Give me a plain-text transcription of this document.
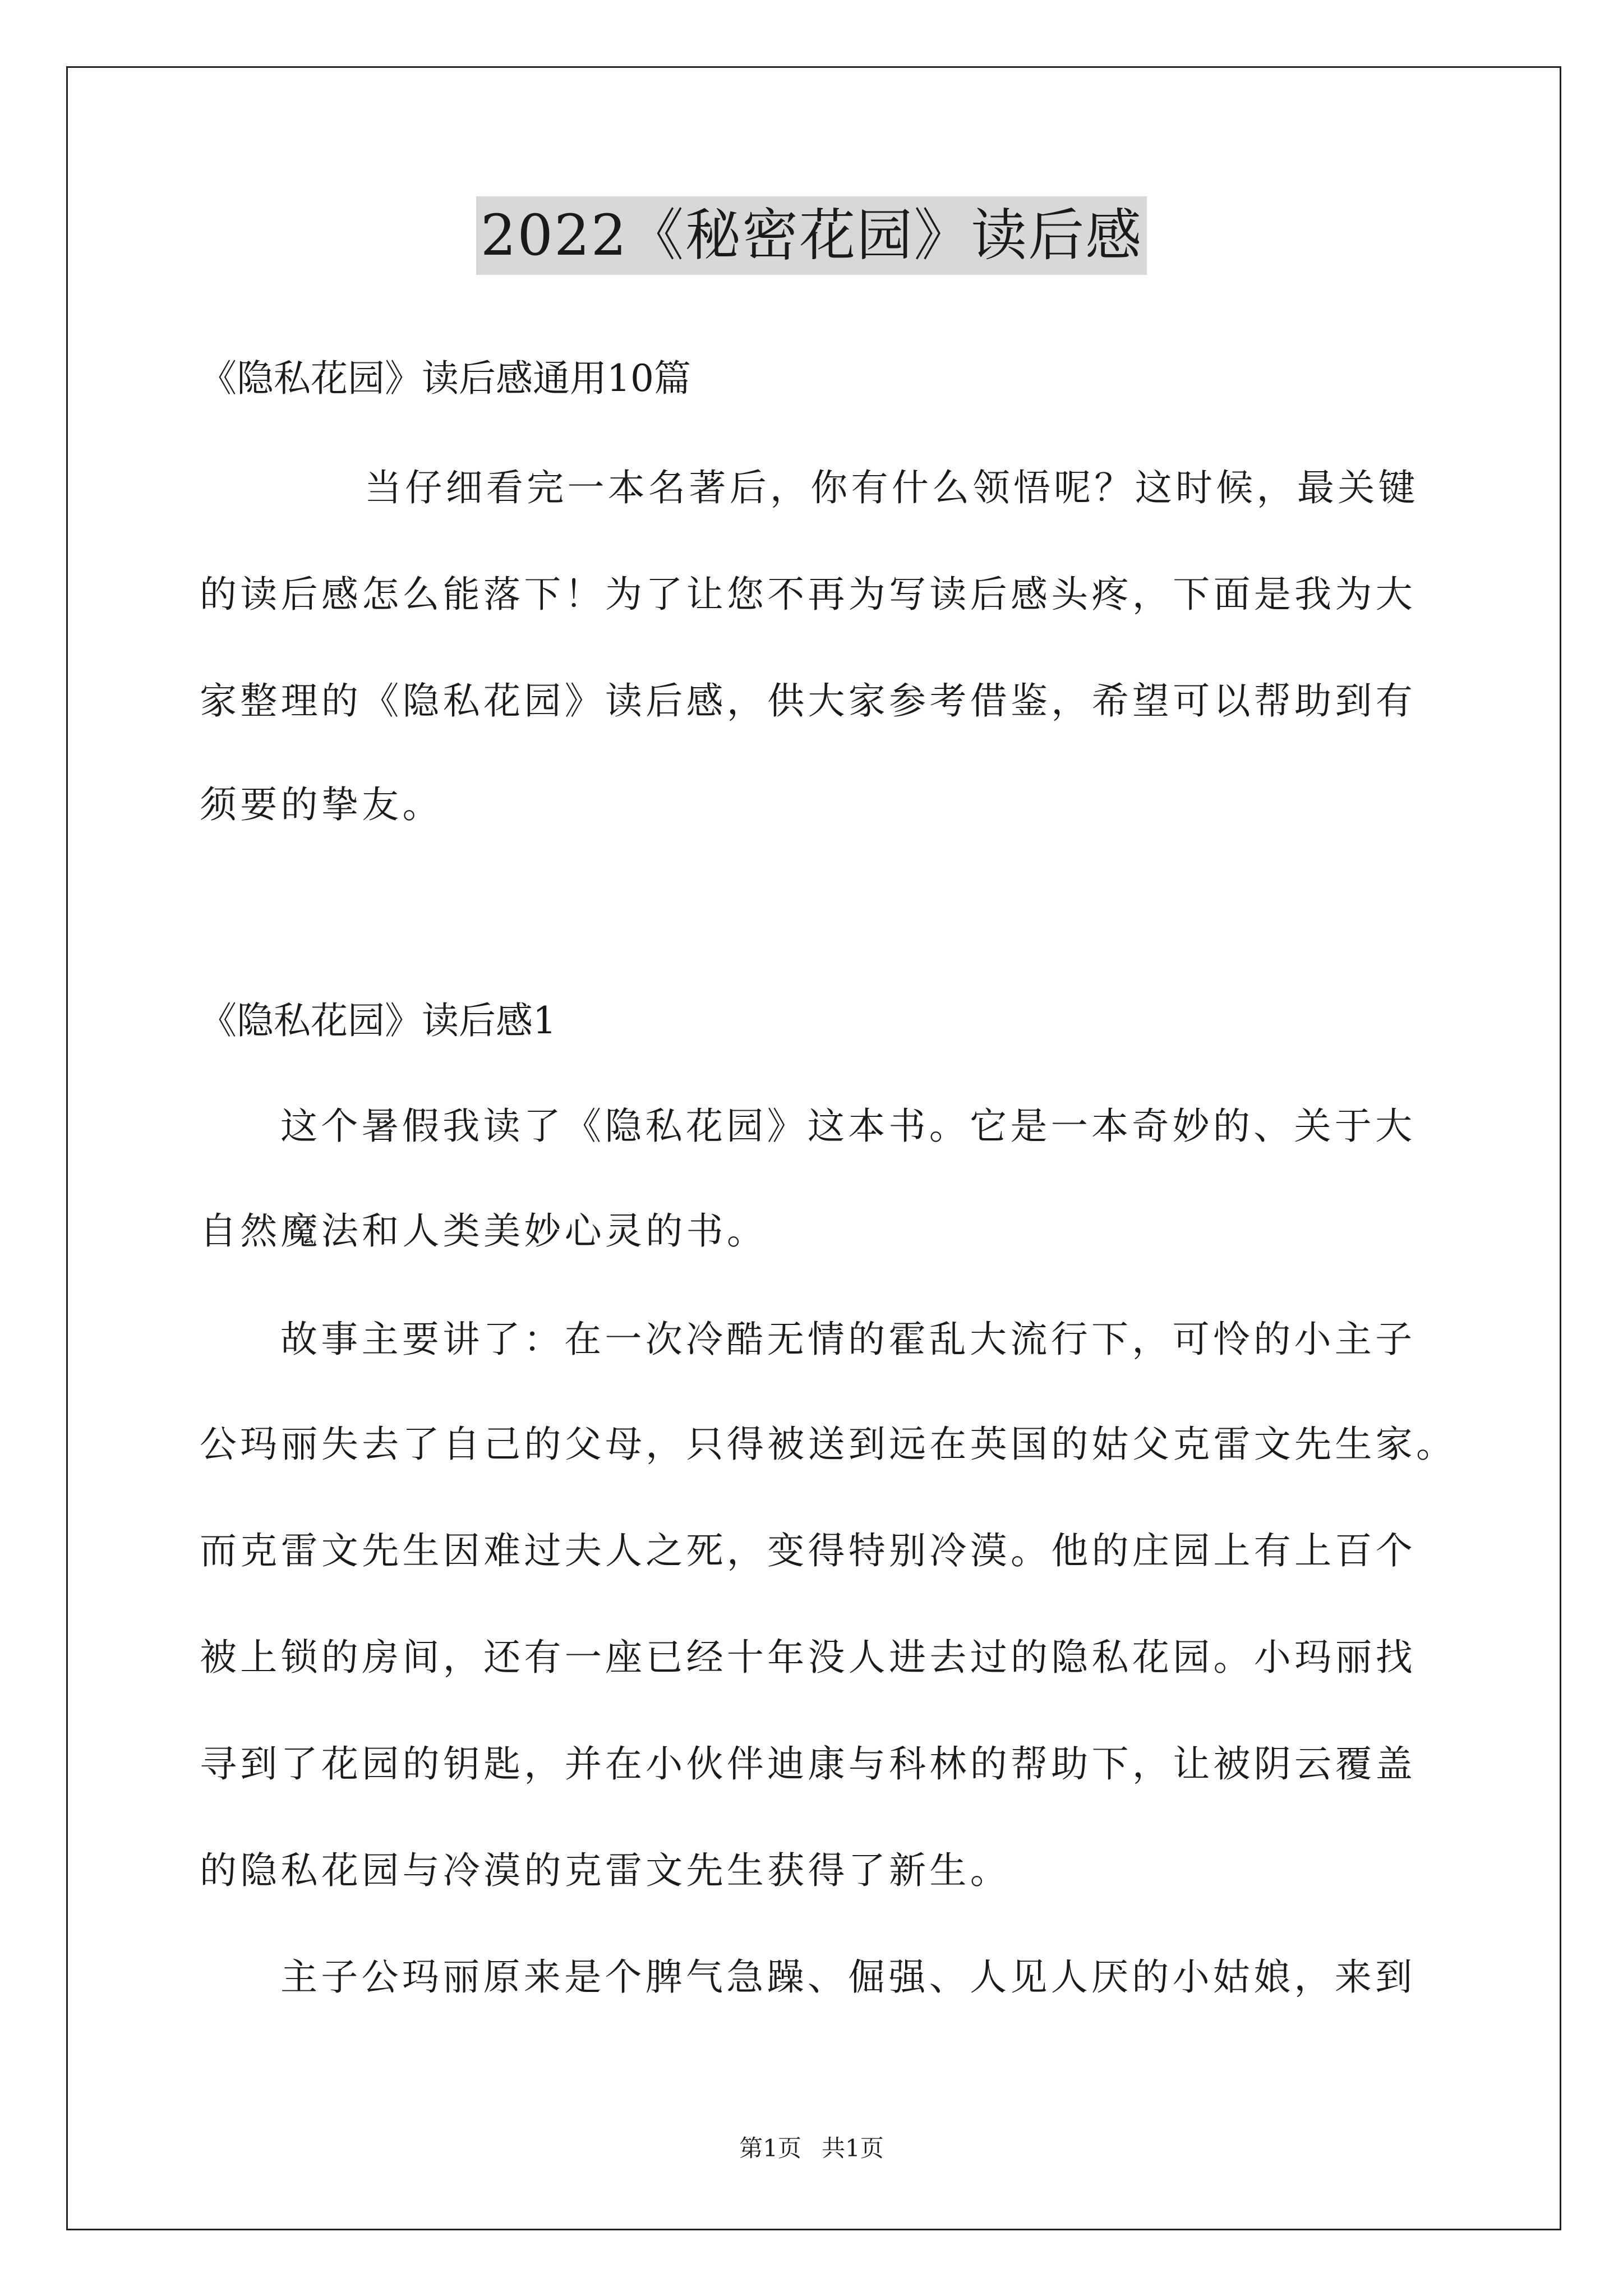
2022《秘密花园》读后感
《隐私花园》读后感通用10篇
当仔细看完一本名著后，你有什么领悟呢？这时候，最关键
的读后感怎么能落下！为了让您不再为写读后感头疼，下面是我为大
家整理的《隐私花园》读后感，供大家参考借鉴，希望可以帮助到有
须要的挚友。
《隐私花园》读后感1
这个暑假我读了《隐私花园》这本书。它是一本奇妙的、关于大
自然魔法和人类美妙心灵的书。
故事主要讲了：在一次冷酷无情的霍乱大流行下，可怜的小主子
公玛丽失去了自己的父母，只得被送到远在英国的姑父克雷文先生家。
而克雷文先生因难过夫人之死，变得特别冷漠。他的庄园上有上百个
被上锁的房间，还有一座已经十年没人进去过的隐私花园。小玛丽找
寻到了花园的钥匙，并在小伙伴迪康与科林的帮助下，让被阴云覆盖
的隐私花园与冷漠的克雷文先生获得了新生。
主子公玛丽原来是个脾气急躁、倔强、人见人厌的小姑娘，来到
第1页 共1页
